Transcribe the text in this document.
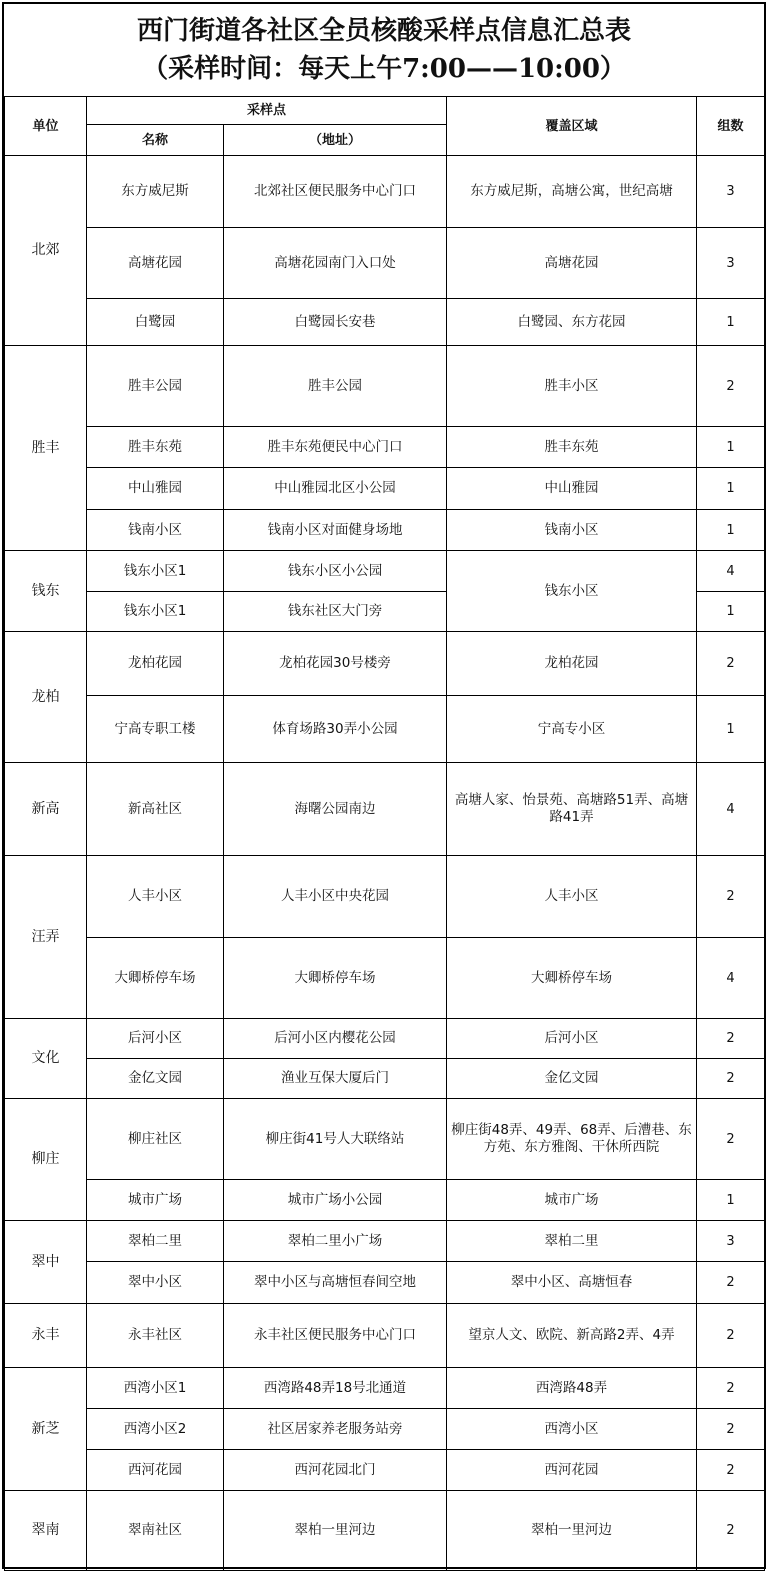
西门街道各社区全员核酸采样点信息汇总表
（采样时间：每天上午7:00——10:00）
单位	采样点		覆盖区域	组数
	名称	（地址）		
北郊	东方威尼斯	北郊社区便民服务中心门口	东方威尼斯，高塘公寓，世纪高塘	3
	高塘花园	高塘花园南门入口处	高塘花园	3
	白鹭园	白鹭园长安巷	白鹭园、东方花园	1
胜丰	胜丰公园	胜丰公园	胜丰小区	2
	胜丰东苑	胜丰东苑便民中心门口	胜丰东苑	1
	中山雅园	中山雅园北区小公园	中山雅园	1
	钱南小区	钱南小区对面健身场地	钱南小区	1
钱东	钱东小区1	钱东小区小公园	钱东小区	4
	钱东小区1	钱东社区大门旁		1
龙柏	龙柏花园	龙柏花园30号楼旁	龙柏花园	2
	宁高专职工楼	体育场路30弄小公园	宁高专小区	1
新高	新高社区	海曙公园南边	高塘人家、怡景苑、高塘路51弄、高塘路41弄	4
汪弄	人丰小区	人丰小区中央花园	人丰小区	2
	大卿桥停车场	大卿桥停车场	大卿桥停车场	4
文化	后河小区	后河小区内樱花公园	后河小区	2
	金亿文园	渔业互保大厦后门	金亿文园	2
柳庄	柳庄社区	柳庄街41号人大联络站	柳庄街48弄、49弄、68弄、后漕巷、东方苑、东方雅阁、干休所西院	2
	城市广场	城市广场小公园	城市广场	1
翠中	翠柏二里	翠柏二里小广场	翠柏二里	3
	翠中小区	翠中小区与高塘恒春间空地	翠中小区、高塘恒春	2
永丰	永丰社区	永丰社区便民服务中心门口	望京人文、欧院、新高路2弄、4弄	2
新芝	西湾小区1	西湾路48弄18号北通道	西湾路48弄	2
	西湾小区2	社区居家养老服务站旁	西湾小区	2
	西河花园	西河花园北门	西河花园	2
翠南	翠南社区	翠柏一里河边	翠柏一里河边	2
